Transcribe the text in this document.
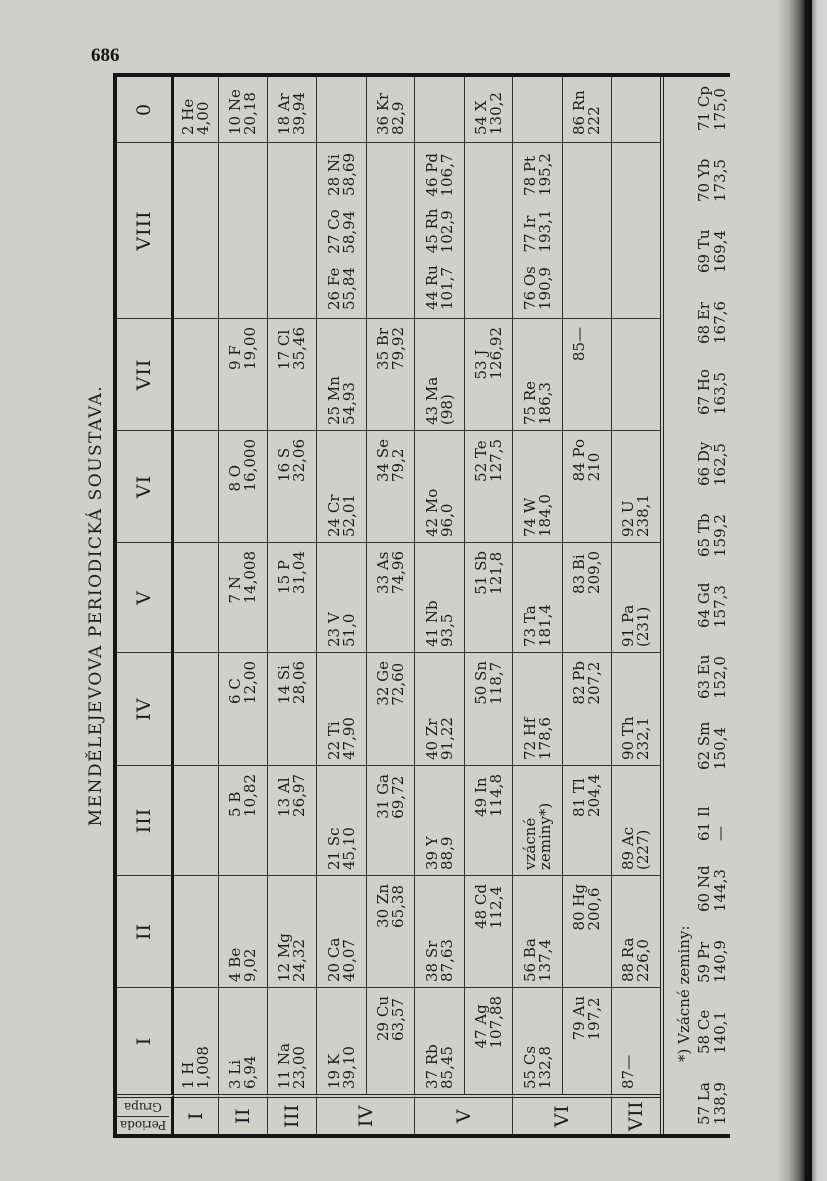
686
MENDĚLEJEVOVA PERIODICKÁ SOUSTAVA.
Perioda
Grupa
I
II
III
IV
V
VI
VII
VIII
0
I
1 H
1,008
2 He
4,00
II
3 Li
6,94
4 Be
9,02
5 B
10,82
6 C
12,00
7 N
14,008
8 O
16,000
9 F
19,00
10 Ne
20,18
III
11 Na
23,00
12 Mg
24,32
13 Al
26,97
14 Si
28,06
15 P
31,04
16 S
32,06
17 Cl
35,46
18 Ar
39,94
IV
19 K
39,10
20 Ca
40,07
21 Sc
45,10
22 Ti
47,90
23 V
51,0
24 Cr
52,01
25 Mn
54,93
26 Fe
55,84
27 Co
58,94
28 Ni
58,69
29 Cu
63,57
30 Zn
65,38
31 Ga
69,72
32 Ge
72,60
33 As
74,96
34 Se
79,2
35 Br
79,92
36 Kr
82,9
V
37 Rb
85,45
38 Sr
87,63
39 Y
88,9
40 Zr
91,22
41 Nb
93,5
42 Mo
96,0
43 Ma
(98)
44 Ru
101,7
45 Rh
102,9
46 Pd
106,7
47 Ag
107,88
48 Cd
112,4
49 In
114,8
50 Sn
118,7
51 Sb
121,8
52 Te
127,5
53 J
126,92
54 X
130,2
VI
55 Cs
132,8
56 Ba
137,4
vzácné
zeminy*)
72 Hf
178,6
73 Ta
181,4
74 W
184,0
75 Re
186,3
76 Os
190,9
77 Ir
193,1
78 Pt
195,2
79 Au
197,2
80 Hg
200,6
81 Tl
204,4
82 Pb
207,2
83 Bi
209,0
84 Po
210
85—
86 Rn
222
VII
87—
88 Ra
226,0
89 Ac
(227)
90 Th
232,1
91 Pa
(231)
92 U
238,1
*) Vzácné zeminy:
57 La
138,9
58 Ce
140,1
59 Pr
140,9
60 Nd
144,3
61 Il
—
62 Sm
150,4
63 Eu
152,0
64 Gd
157,3
65 Tb
159,2
66 Dy
162,5
67 Ho
163,5
68 Er
167,6
69 Tu
169,4
70 Yb
173,5
71 Cp
175,0
